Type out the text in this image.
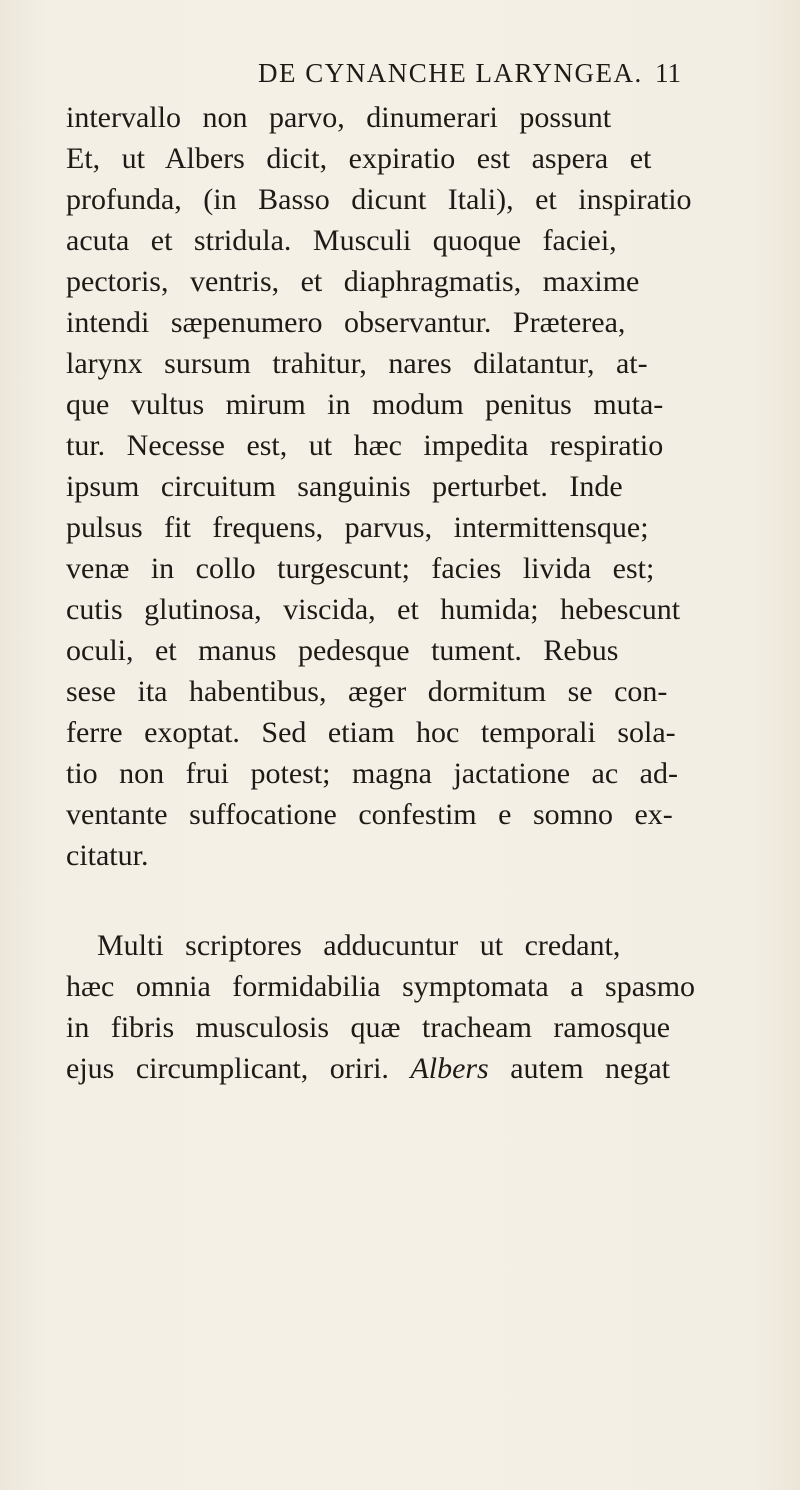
DE CYNANCHE LARYNGEA. 11
intervallo non parvo, dinumerari possunt
Et, ut Albers dicit, expiratio est aspera et
profunda, (in Basso dicunt Itali), et inspiratio
acuta et stridula. Musculi quoque faciei,
pectoris, ventris, et diaphragmatis, maxime
intendi sæpenumero observantur. Præterea,
larynx sursum trahitur, nares dilatantur, at-
que vultus mirum in modum penitus muta-
tur. Necesse est, ut hæc impedita respiratio
ipsum circuitum sanguinis perturbet. Inde
pulsus fit frequens, parvus, intermittensque;
venæ in collo turgescunt; facies livida est;
cutis glutinosa, viscida, et humida; hebescunt
oculi, et manus pedesque tument. Rebus
sese ita habentibus, æger dormitum se con-
ferre exoptat. Sed etiam hoc temporali sola-
tio non frui potest; magna jactatione ac ad-
ventante suffocatione confestim e somno ex-
citatur.
Multi scriptores adducuntur ut credant,
hæc omnia formidabilia symptomata a spasmo
in fibris musculosis quæ tracheam ramosque
ejus circumplicant, oriri. Albers autem negat
